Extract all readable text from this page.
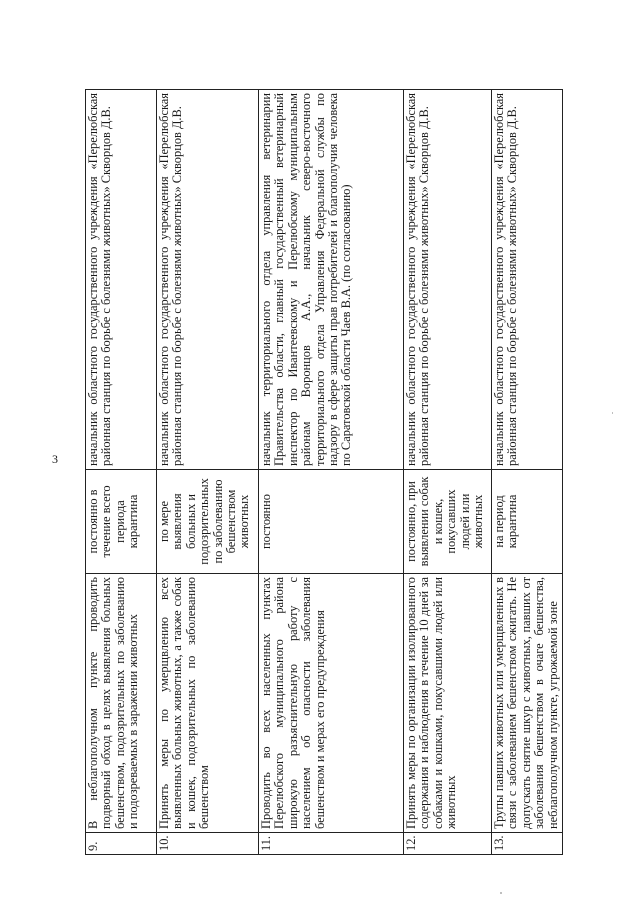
3
9.	В неблагополучном пункте проводить подворный обход в целях выявления больных бешенством, подозрительных по заболеванию и подозреваемых в заражении животных	постоянно в течение всего периода карантина	начальник областного государственного учреждения «Перелюбская районная станция по борьбе с болезнями животных» Скворцов Д.В.
10.	Принять меры по умерщвлению всех выявленных больных животных, а также собак и кошек, подозрительных по заболеванию бешенством	по мере выявления больных и подозрительных по заболеванию бешенством животных	начальник областного государственного учреждения «Перелюбская районная станция по борьбе с болезнями животных» Скворцов Д.В.
11.	Проводить во всех населенных пунктах Перелюбского муниципального района широкую разъяснительную работу с населением об опасности заболевания бешенством и мерах его предупреждения	постоянно	начальник территориального отдела управления ветеринарии Правительства области, главный государственный ветеринарный инспектор по Ивантеевскому и Перелюбскому муниципальным районам Воронцов А.А., начальник северо-восточного территориального отдела Управления Федеральной службы по надзору в сфере защиты прав потребителей и благополучия человека по Саратовской области Чаев В.А. (по согласованию)
12.	Принять меры по организации изолированного содержания и наблюдения в течение 10 дней за собаками и кошками, покусавшими людей или животных	постоянно, при выявлении собак и кошек, покусавших людей или животных	начальник областного государственного учреждения «Перелюбская районная станция по борьбе с болезнями животных» Скворцов Д.В.
13.	Трупы павших животных или умерщвленных в связи с заболеванием бешенством сжигать. Не допускать снятие шкур с животных, павших от заболевания бешенством в очаге бешенства, неблагополучном пункте, угрожаемой зоне	на период карантина	начальник областного государственного учреждения «Перелюбская районная станция по борьбе с болезнями животных» Скворцов Д.В.
